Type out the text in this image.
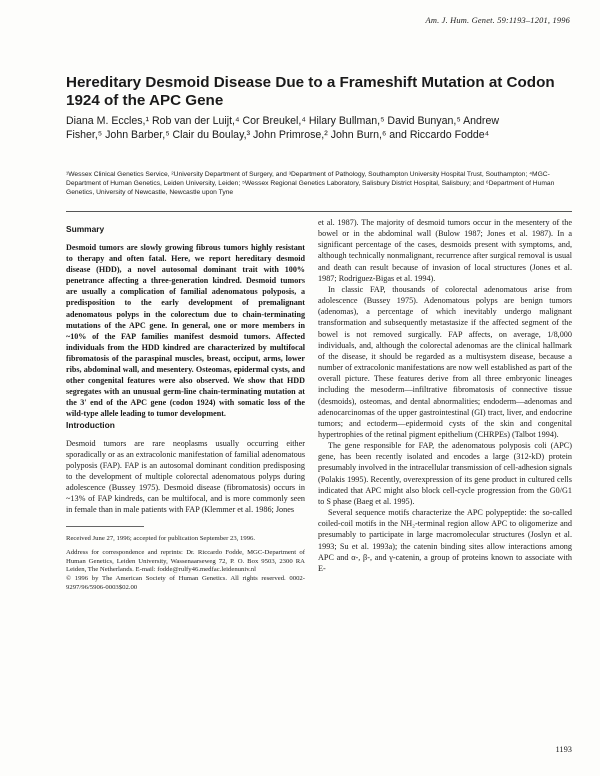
Am. J. Hum. Genet. 59:1193–1201, 1996
Hereditary Desmoid Disease Due to a Frameshift Mutation at Codon 1924 of the APC Gene

Diana M. Eccles,¹ Rob van der Luijt,⁴ Cor Breukel,⁴ Hilary Bullman,⁵ David Bunyan,⁵ Andrew Fisher,⁵ John Barber,⁵ Clair du Boulay,³ John Primrose,² John Burn,⁶ and Riccardo Fodde⁴

¹Wessex Clinical Genetics Service, ²University Department of Surgery, and ³Department of Pathology, Southampton University Hospital Trust, Southampton; ⁴MGC-Department of Human Genetics, Leiden University, Leiden; ⁵Wessex Regional Genetics Laboratory, Salisbury District Hospital, Salisbury; and ⁶Department of Human Genetics, University of Newcastle, Newcastle upon Tyne

Summary

Desmoid tumors are slowly growing fibrous tumors highly resistant to therapy and often fatal. Here, we report hereditary desmoid disease (HDD), a novel autosomal dominant trait with 100% penetrance affecting a three-generation kindred. Desmoid tumors are usually a complication of familial adenomatous polyposis, a predisposition to the early development of premalignant adenomatous polyps in the colorectum due to chain-terminating mutations of the APC gene. In general, one or more members in ~10% of the FAP families manifest desmoid tumors. Affected individuals from the HDD kindred are characterized by multifocal fibromatosis of the paraspinal muscles, breast, occiput, arms, lower ribs, abdominal wall, and mesentery. Osteomas, epidermal cysts, and other congenital features were also observed. We show that HDD segregates with an unusual germ-line chain-terminating mutation at the 3′ end of the APC gene (codon 1924) with somatic loss of the wild-type allele leading to tumor development.

Introduction

Desmoid tumors are rare neoplasms usually occurring either sporadically or as an extracolonic manifestation of familial adenomatous polyposis (FAP). FAP is an autosomal dominant condition predisposing to the development of multiple colorectal adenomatous polyps during adolescence (Bussey 1975). Desmoid disease (fibromatosis) occurs in ~13% of FAP kindreds, can be multifocal, and is more commonly seen in female than in male patients with FAP (Klemmer et al. 1986; Jones

Received June 27, 1996; accepted for publication September 23, 1996.

Address for correspondence and reprints: Dr. Riccardo Fodde, MGC-Department of Human Genetics, Leiden University, Wassenaarseweg 72, P. O. Box 9503, 2300 RA Leiden, The Netherlands. E-mail: fodde@rulfy46.medfac.leidenuniv.nl

© 1996 by The American Society of Human Genetics. All rights reserved. 0002-9297/96/5906-0003$02.00

et al. 1987). The majority of desmoid tumors occur in the mesentery of the bowel or in the abdominal wall (Bulow 1987; Jones et al. 1987). In a significant percentage of the cases, desmoids present with symptoms, and, although technically nonmalignant, recurrence after surgical removal is usual and death can result because of invasion of local structures (Jones et al. 1987; Rodriguez-Bigas et al. 1994).

In classic FAP, thousands of colorectal adenomatous arise from adolescence (Bussey 1975). Adenomatous polyps are benign tumors (adenomas), a percentage of which inevitably undergo malignant transformation and subsequently metastasize if the affected segment of the bowel is not removed surgically. FAP affects, on average, 1/8,000 individuals, and, although the colorectal adenomas are the clinical hallmark of the disease, it should be regarded as a multisystem disease, because a number of extracolonic manifestations are now well established as part of the overall picture. These features derive from all three embryonic lineages including the mesoderm—infiltrative fibromatosis of connective tissue (desmoids), osteomas, and dental abnormalities; endoderm—adenomas and adenocarcinomas of the upper gastrointestinal (GI) tract, liver, and endocrine tumors; and ectoderm—epidermoid cysts of the skin and congenital hypertrophies of the retinal pigment epithelium (CHRPEs) (Talbot 1994).

The gene responsible for FAP, the adenomatous polyposis coli (APC) gene, has been recently isolated and encodes a large (312-kD) protein presumably involved in the intracellular transmission of cell-adhesion signals (Polakis 1995). Recently, overexpression of its gene product in cultured cells indicated that APC might also block cell-cycle progression from the G0/G1 to S phase (Baeg et al. 1995).

Several sequence motifs characterize the APC polypeptide: the so-called coiled-coil motifs in the NH₂-terminal region allow APC to oligomerize and presumably to participate in large macromolecular structures (Joslyn et al. 1993; Su et al. 1993a); the catenin binding sites allow interactions among APC and α-, β-, and γ-catenin, a group of proteins known to associate with E-

1193
